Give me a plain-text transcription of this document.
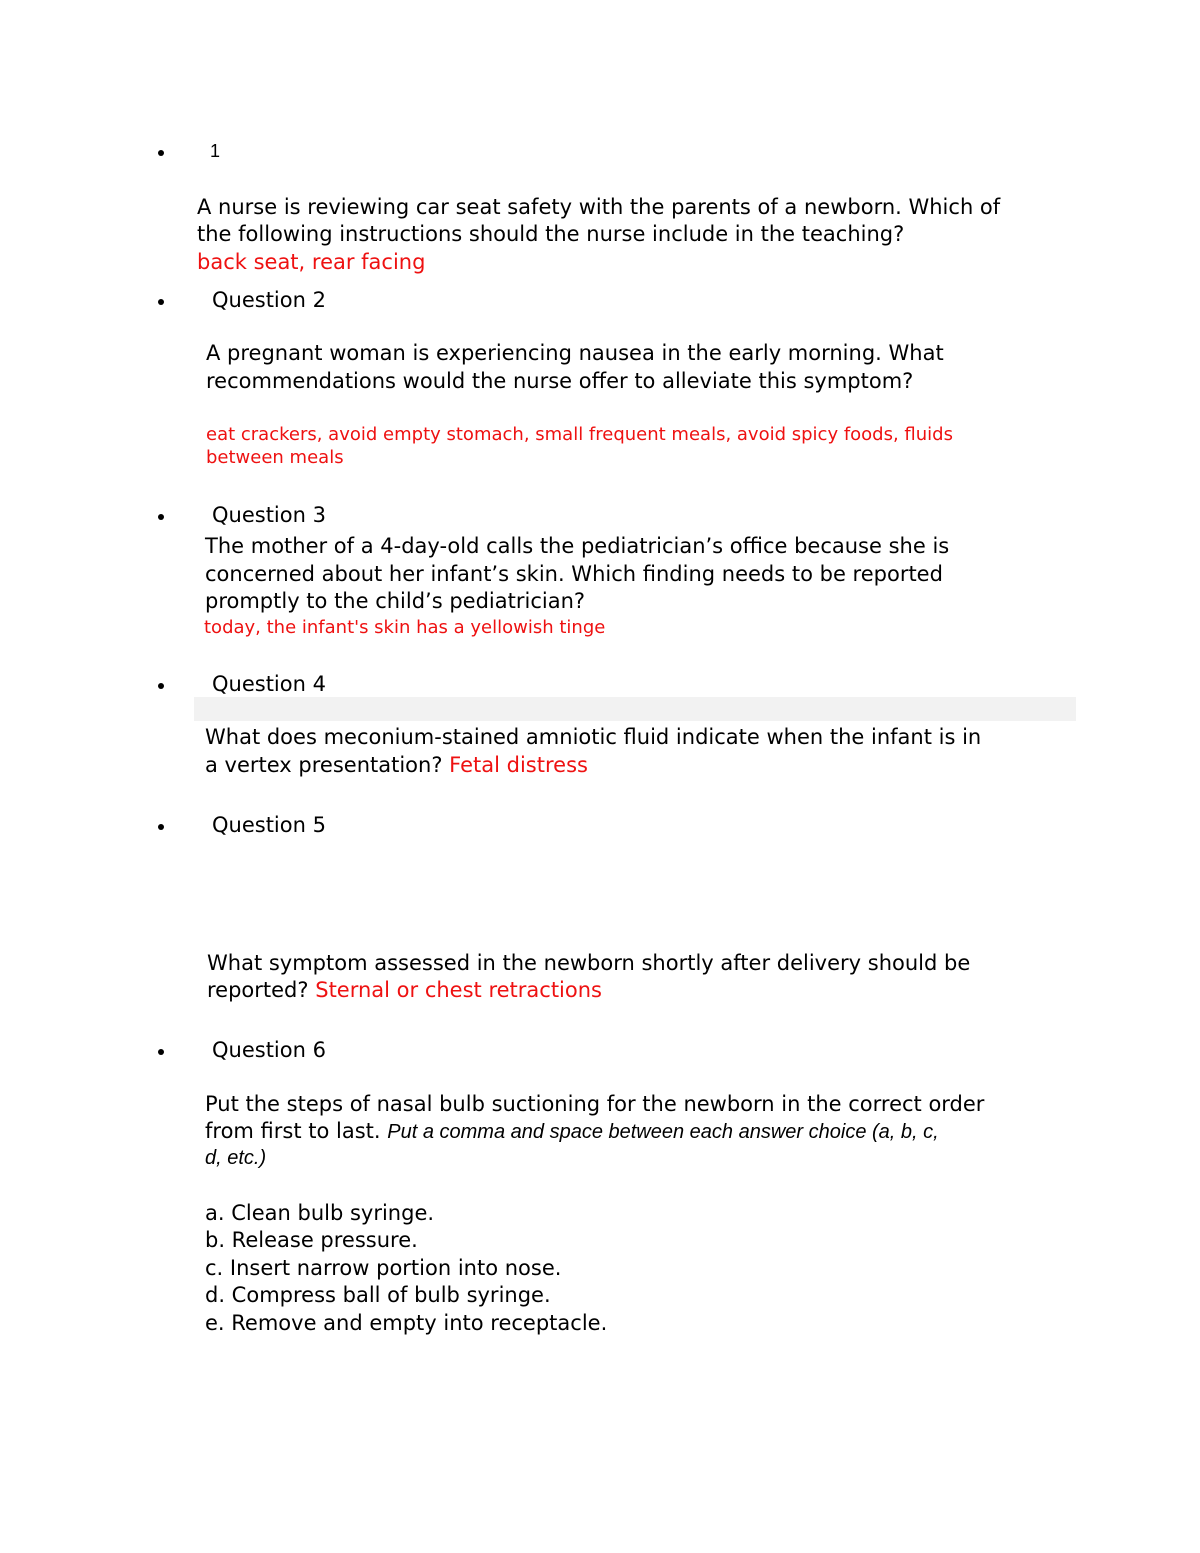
1
A nurse is reviewing car seat safety with the parents of a newborn. Which of
the following instructions should the nurse include in the teaching?
back seat, rear facing
Question 2
A pregnant woman is experiencing nausea in the early morning. What
recommendations would the nurse offer to alleviate this symptom?
eat crackers, avoid empty stomach, small frequent meals, avoid spicy foods, fluids
between meals
Question 3
The mother of a 4-day-old calls the pediatrician’s office because she is
concerned about her infant’s skin. Which finding needs to be reported
promptly to the child’s pediatrician?
today, the infant's skin has a yellowish tinge
Question 4
What does meconium-stained amniotic fluid indicate when the infant is in
a vertex presentation? Fetal distress
Question 5
What symptom assessed in the newborn shortly after delivery should be
reported? Sternal or chest retractions
Question 6
Put the steps of nasal bulb suctioning for the newborn in the correct order
from first to last. Put a comma and space between each answer choice (a, b, c,
d, etc.)
a. Clean bulb syringe.
b. Release pressure.
c. Insert narrow portion into nose.
d. Compress ball of bulb syringe.
e. Remove and empty into receptacle.
